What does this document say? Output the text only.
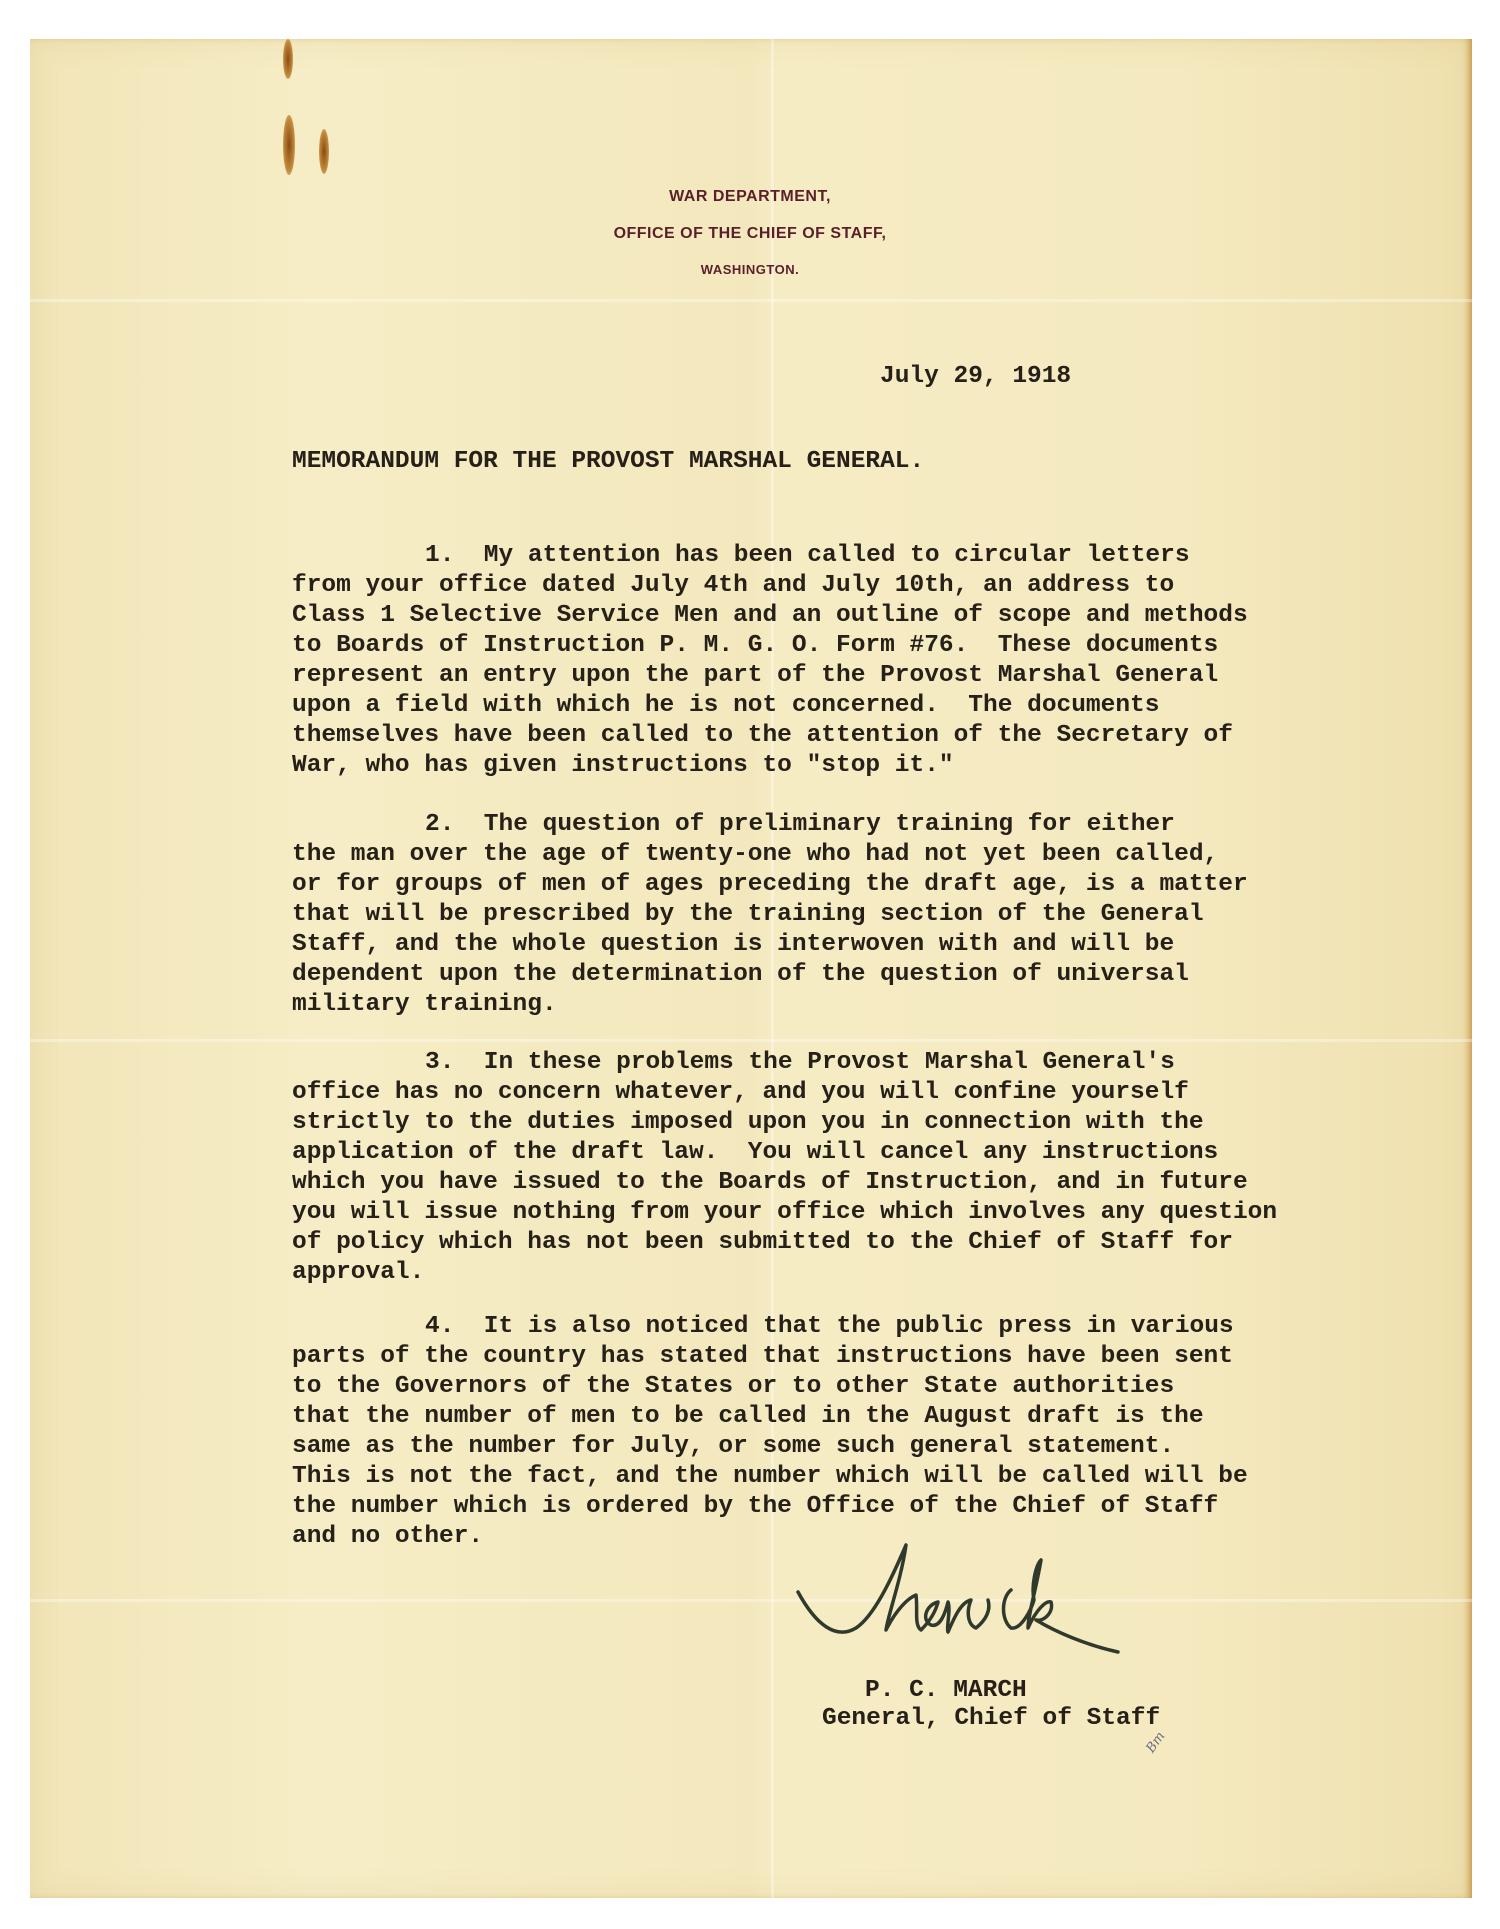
WAR DEPARTMENT,
OFFICE OF THE CHIEF OF STAFF,
WASHINGTON.
July 29, 1918
MEMORANDUM FOR THE PROVOST MARSHAL GENERAL.
1.  My attention has been called to circular letters
from your office dated July 4th and July 10th, an address to
Class 1 Selective Service Men and an outline of scope and methods
to Boards of Instruction P. M. G. O. Form #76.  These documents
represent an entry upon the part of the Provost Marshal General
upon a field with which he is not concerned.  The documents
themselves have been called to the attention of the Secretary of
War, who has given instructions to "stop it."
2.  The question of preliminary training for either
the man over the age of twenty-one who had not yet been called,
or for groups of men of ages preceding the draft age, is a matter
that will be prescribed by the training section of the General
Staff, and the whole question is interwoven with and will be
dependent upon the determination of the question of universal
military training.
3.  In these problems the Provost Marshal General's
office has no concern whatever, and you will confine yourself
strictly to the duties imposed upon you in connection with the
application of the draft law.  You will cancel any instructions
which you have issued to the Boards of Instruction, and in future
you will issue nothing from your office which involves any question
of policy which has not been submitted to the Chief of Staff for
approval.
4.  It is also noticed that the public press in various
parts of the country has stated that instructions have been sent
to the Governors of the States or to other State authorities
that the number of men to be called in the August draft is the
same as the number for July, or some such general statement.
This is not the fact, and the number which will be called will be
the number which is ordered by the Office of the Chief of Staff
and no other.
P. C. MARCH
General, Chief of Staff
Bm
